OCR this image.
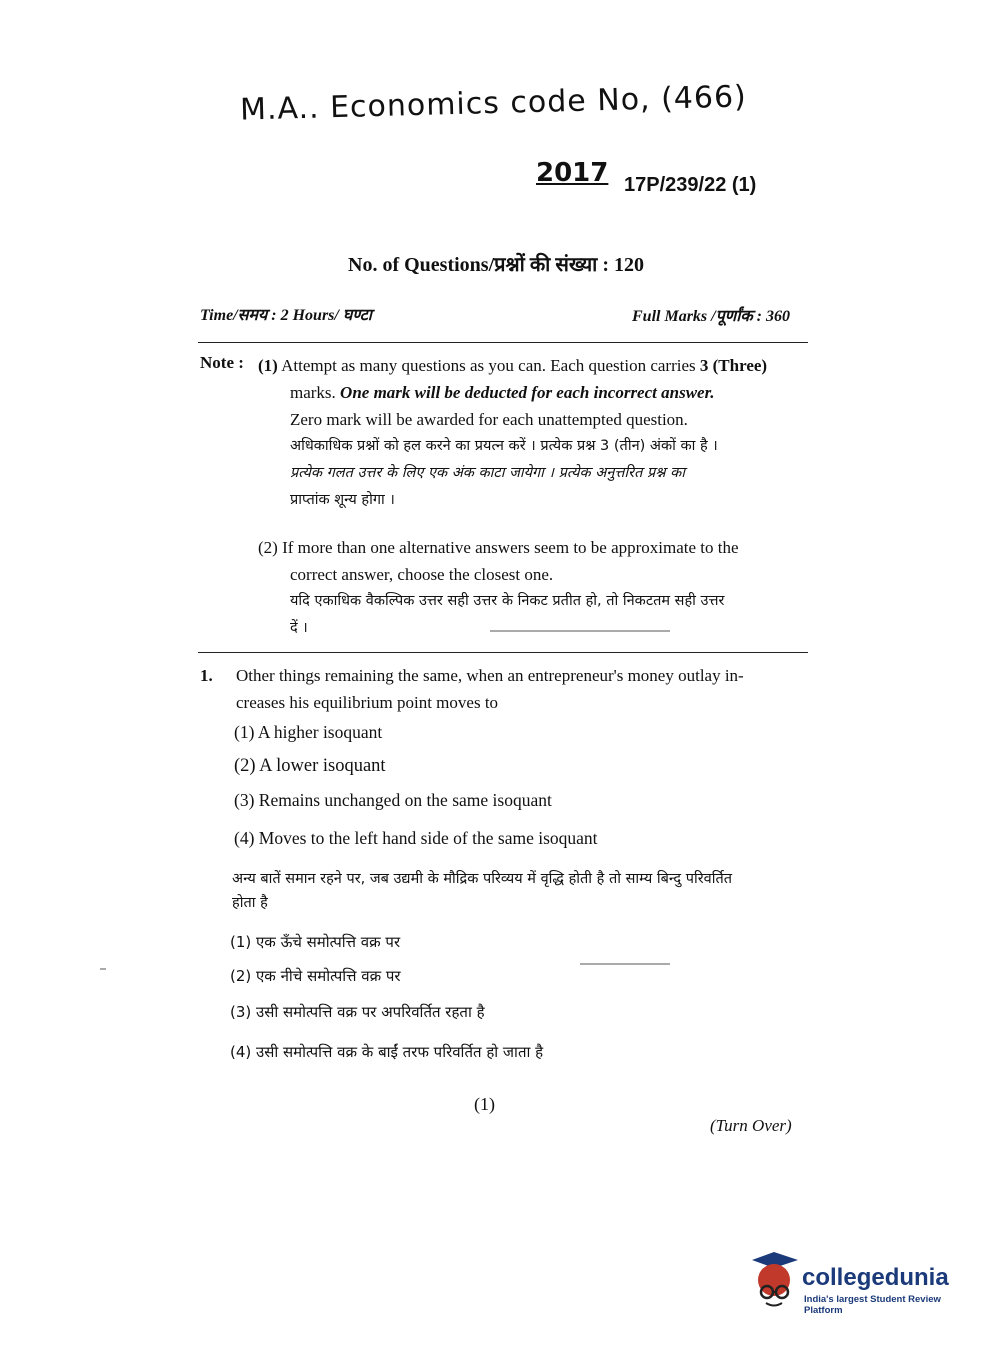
M.A.. Economics code No, (466)
2017 17P/239/22 (1)
No. of Questions/प्रश्नों की संख्या : 120
Time/समय : 2 Hours/ घण्टा	Full Marks /पूर्णांक : 360
Note : (1) Attempt as many questions as you can. Each question carries 3 (Three)
marks. One mark will be deducted for each incorrect answer.
Zero mark will be awarded for each unattempted question.
अधिकाधिक प्रश्नों को हल करने का प्रयत्न करें । प्रत्येक प्रश्न 3 (तीन) अंकों का है ।
प्रत्येक गलत उत्तर के लिए एक अंक काटा जायेगा । प्रत्येक अनुत्तरित प्रश्न का
प्राप्तांक शून्य होगा ।
(2) If more than one alternative answers seem to be approximate to the
correct answer, choose the closest one.
यदि एकाधिक वैकल्पिक उत्तर सही उत्तर के निकट प्रतीत हो, तो निकटतम सही उत्तर
दें ।
1. Other things remaining the same, when an entrepreneur's money outlay in-
creases his equilibrium point moves to
(1) A higher isoquant
(2) A lower isoquant
(3) Remains unchanged on the same isoquant
(4) Moves to the left hand side of the same isoquant
अन्य बातें समान रहने पर, जब उद्यमी के मौद्रिक परिव्यय में वृद्धि होती है तो साम्य बिन्दु परिवर्तित
होता है
(1) एक ऊँचे समोत्पत्ति वक्र पर
(2) एक नीचे समोत्पत्ति वक्र पर
(3) उसी समोत्पत्ति वक्र पर अपरिवर्तित रहता है
(4) उसी समोत्पत्ति वक्र के बाईं तरफ परिवर्तित हो जाता है
(1)
(Turn Over)
collegedunia
India's largest Student Review Platform
